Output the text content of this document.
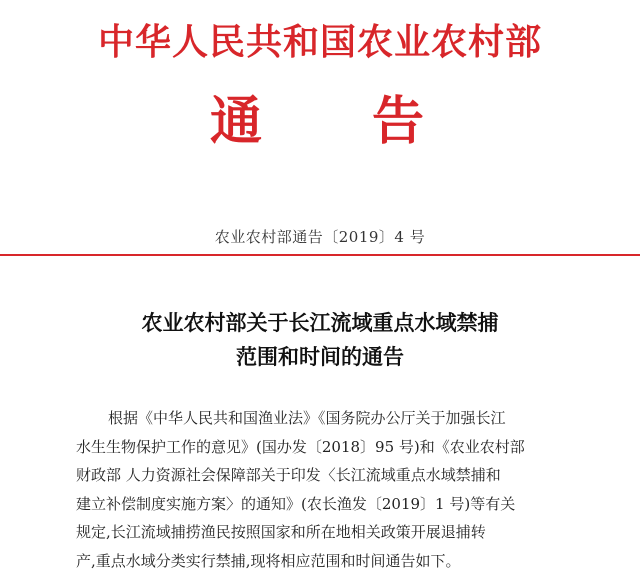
中华人民共和国农业农村部
通 告
农业农村部通告〔2019〕4 号
农业农村部关于长江流域重点水域禁捕
范围和时间的通告
根据《中华人民共和国渔业法》《国务院办公厅关于加强长江
水生生物保护工作的意见》(国办发〔2018〕95 号)和《农业农村部
财政部 人力资源社会保障部关于印发〈长江流域重点水域禁捕和
建立补偿制度实施方案〉的通知》(农长渔发〔2019〕1 号)等有关
规定,长江流域捕捞渔民按照国家和所在地相关政策开展退捕转
产,重点水域分类实行禁捕,现将相应范围和时间通告如下。
